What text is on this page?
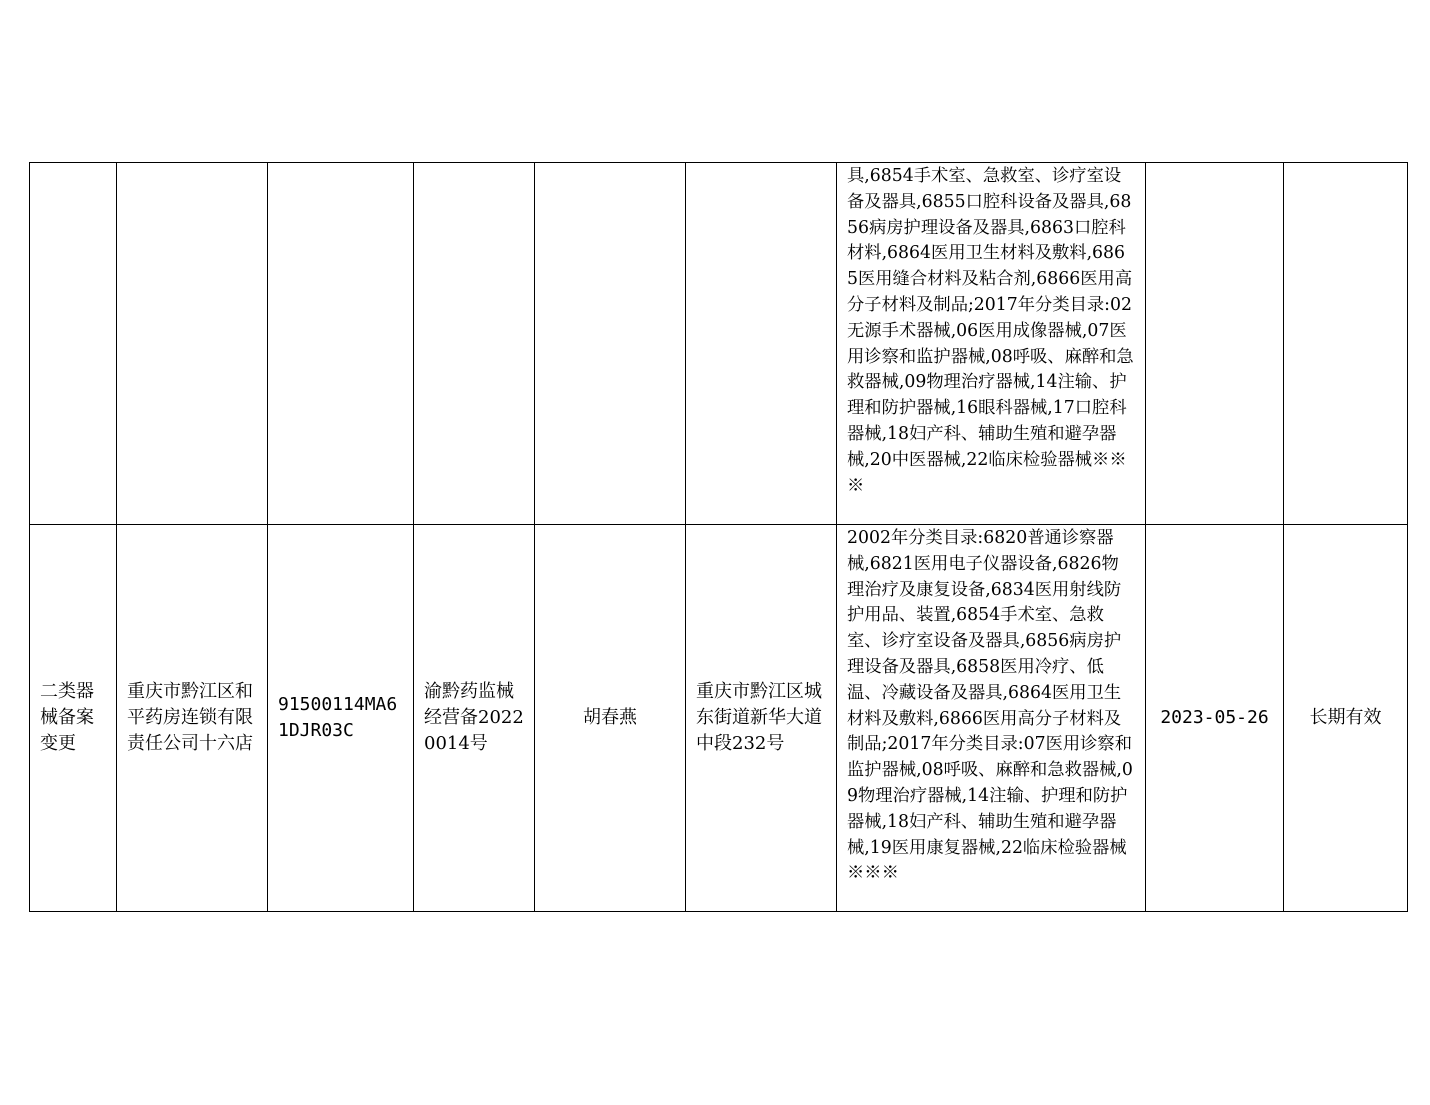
						具,6854手术室、急救室、诊疗室设备及器具,6855口腔科设备及器具,6856病房护理设备及器具,6863口腔科材料,6864医用卫生材料及敷料,6865医用缝合材料及粘合剂,6866医用高分子材料及制品;2017年分类目录:02无源手术器械,06医用成像器械,07医用诊察和监护器械,08呼吸、麻醉和急救器械,09物理治疗器械,14注输、护理和防护器械,16眼科器械,17口腔科器械,18妇产科、辅助生殖和避孕器械,20中医器械,22临床检验器械※※※		
二类器械备案变更	重庆市黔江区和平药房连锁有限责任公司十六店	91500114MA61DJR03C	渝黔药监械经营备20220014号	胡春燕	重庆市黔江区城东街道新华大道中段232号	2002年分类目录:6820普通诊察器械,6821医用电子仪器设备,6826物理治疗及康复设备,6834医用射线防护用品、装置,6854手术室、急救室、诊疗室设备及器具,6856病房护理设备及器具,6858医用冷疗、低温、冷藏设备及器具,6864医用卫生材料及敷料,6866医用高分子材料及制品;2017年分类目录:07医用诊察和监护器械,08呼吸、麻醉和急救器械,09物理治疗器械,14注输、护理和防护器械,18妇产科、辅助生殖和避孕器械,19医用康复器械,22临床检验器械※※※	2023-05-26	长期有效
